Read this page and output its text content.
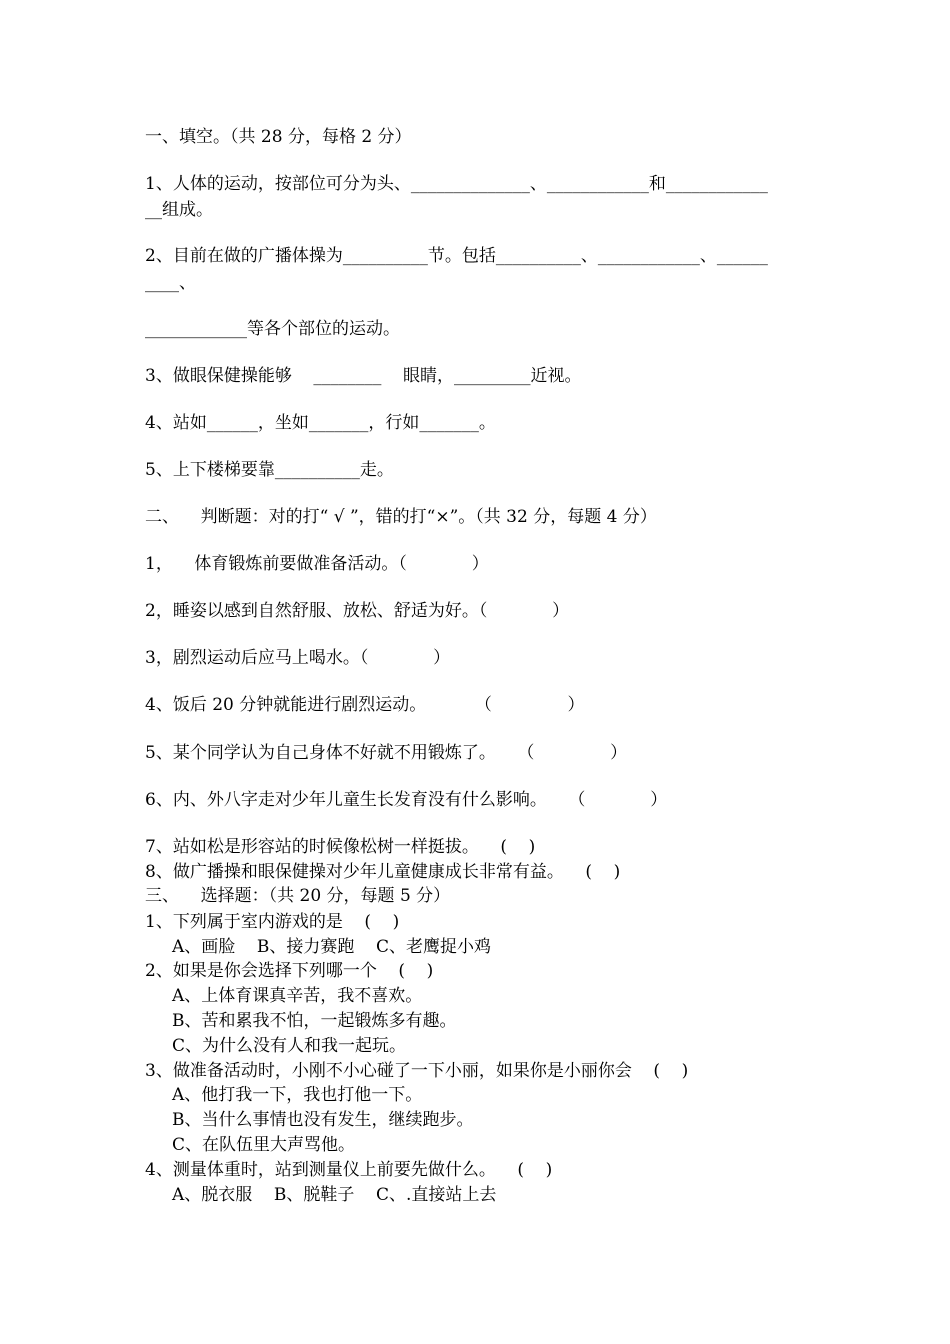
一、填空。（共 28 分，每格 2 分）
1、人体的运动，按部位可分为头、______________、____________和____________
__组成。
2、目前在做的广播体操为__________节。包括__________、____________、______
____、
____________等各个部位的运动。
3、做眼保健操能够    ________    眼睛，_________近视。
4、站如______，坐如_______，行如_______。
5、上下楼梯要靠__________走。
二、    判断题：对的打“ √ ”，错的打“×”。（共 32 分，每题 4 分）
1，    体育锻炼前要做准备活动。（            ）
2，睡姿以感到自然舒服、放松、舒适为好。（            ）
3，剧烈运动后应马上喝水。（            ）
4、饭后 20 分钟就能进行剧烈运动。         （              ）
5、某个同学认为自己身体不好就不用锻炼了。    （              ）
6、内、外八字走对少年儿童生长发育没有什么影响。    （            ）
7、站如松是形容站的时候像松树一样挺拔。    (    )
8、做广播操和眼保健操对少年儿童健康成长非常有益。    (    )
三、    选择题：（共 20 分，每题 5 分）
1、下列属于室内游戏的是    (    )
A、画脸    B、接力赛跑    C、老鹰捉小鸡
2、如果是你会选择下列哪一个    (    )
A、上体育课真辛苦，我不喜欢。
B、苦和累我不怕，一起锻炼多有趣。
C、为什么没有人和我一起玩。
3、做准备活动时，小刚不小心碰了一下小丽，如果你是小丽你会    (    )
A、他打我一下，我也打他一下。
B、当什么事情也没有发生，继续跑步。
C、在队伍里大声骂他。
4、测量体重时，站到测量仪上前要先做什么。    (    )
A、脱衣服    B、脱鞋子    C、.直接站上去
